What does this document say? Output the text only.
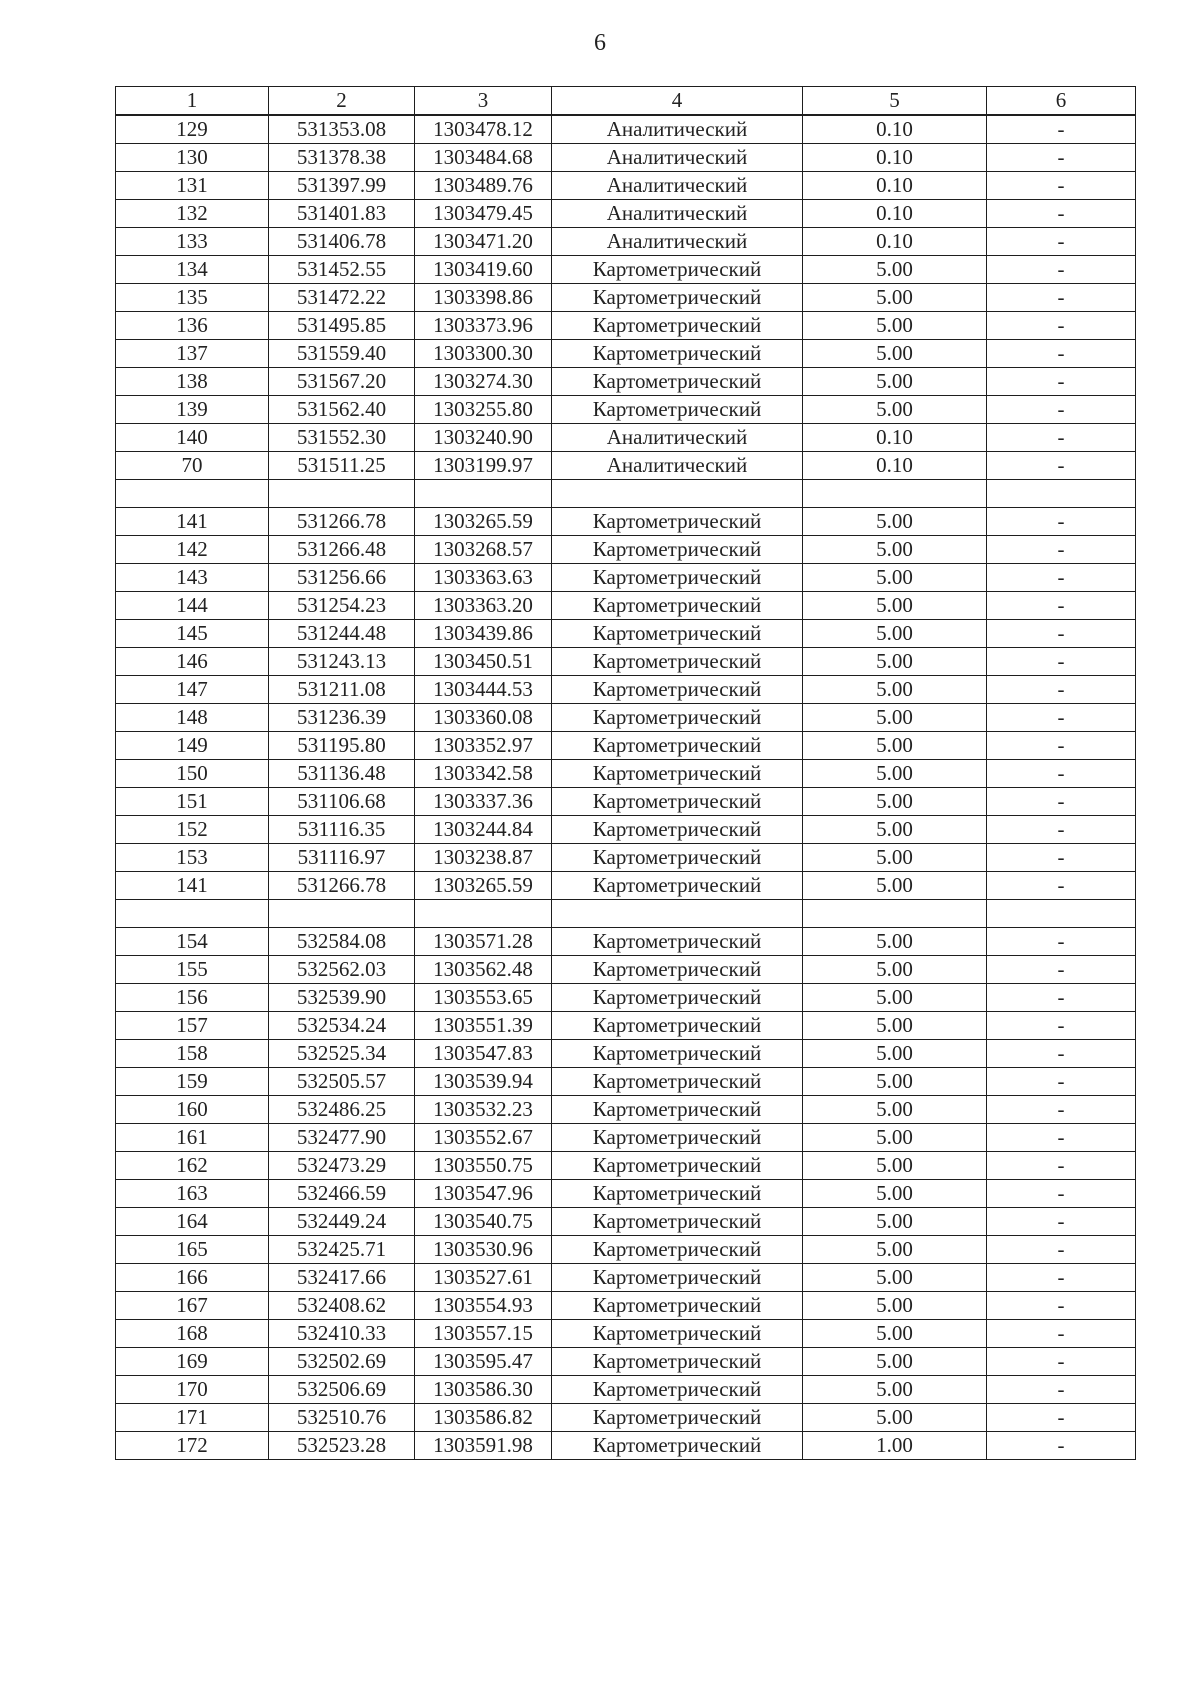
6
1	2	3	4	5	6
129	531353.08	1303478.12	Аналитический	0.10	-
130	531378.38	1303484.68	Аналитический	0.10	-
131	531397.99	1303489.76	Аналитический	0.10	-
132	531401.83	1303479.45	Аналитический	0.10	-
133	531406.78	1303471.20	Аналитический	0.10	-
134	531452.55	1303419.60	Картометрический	5.00	-
135	531472.22	1303398.86	Картометрический	5.00	-
136	531495.85	1303373.96	Картометрический	5.00	-
137	531559.40	1303300.30	Картометрический	5.00	-
138	531567.20	1303274.30	Картометрический	5.00	-
139	531562.40	1303255.80	Картометрический	5.00	-
140	531552.30	1303240.90	Аналитический	0.10	-
70	531511.25	1303199.97	Аналитический	0.10	-

141	531266.78	1303265.59	Картометрический	5.00	-
142	531266.48	1303268.57	Картометрический	5.00	-
143	531256.66	1303363.63	Картометрический	5.00	-
144	531254.23	1303363.20	Картометрический	5.00	-
145	531244.48	1303439.86	Картометрический	5.00	-
146	531243.13	1303450.51	Картометрический	5.00	-
147	531211.08	1303444.53	Картометрический	5.00	-
148	531236.39	1303360.08	Картометрический	5.00	-
149	531195.80	1303352.97	Картометрический	5.00	-
150	531136.48	1303342.58	Картометрический	5.00	-
151	531106.68	1303337.36	Картометрический	5.00	-
152	531116.35	1303244.84	Картометрический	5.00	-
153	531116.97	1303238.87	Картометрический	5.00	-
141	531266.78	1303265.59	Картометрический	5.00	-

154	532584.08	1303571.28	Картометрический	5.00	-
155	532562.03	1303562.48	Картометрический	5.00	-
156	532539.90	1303553.65	Картометрический	5.00	-
157	532534.24	1303551.39	Картометрический	5.00	-
158	532525.34	1303547.83	Картометрический	5.00	-
159	532505.57	1303539.94	Картометрический	5.00	-
160	532486.25	1303532.23	Картометрический	5.00	-
161	532477.90	1303552.67	Картометрический	5.00	-
162	532473.29	1303550.75	Картометрический	5.00	-
163	532466.59	1303547.96	Картометрический	5.00	-
164	532449.24	1303540.75	Картометрический	5.00	-
165	532425.71	1303530.96	Картометрический	5.00	-
166	532417.66	1303527.61	Картометрический	5.00	-
167	532408.62	1303554.93	Картометрический	5.00	-
168	532410.33	1303557.15	Картометрический	5.00	-
169	532502.69	1303595.47	Картометрический	5.00	-
170	532506.69	1303586.30	Картометрический	5.00	-
171	532510.76	1303586.82	Картометрический	5.00	-
172	532523.28	1303591.98	Картометрический	1.00	-
